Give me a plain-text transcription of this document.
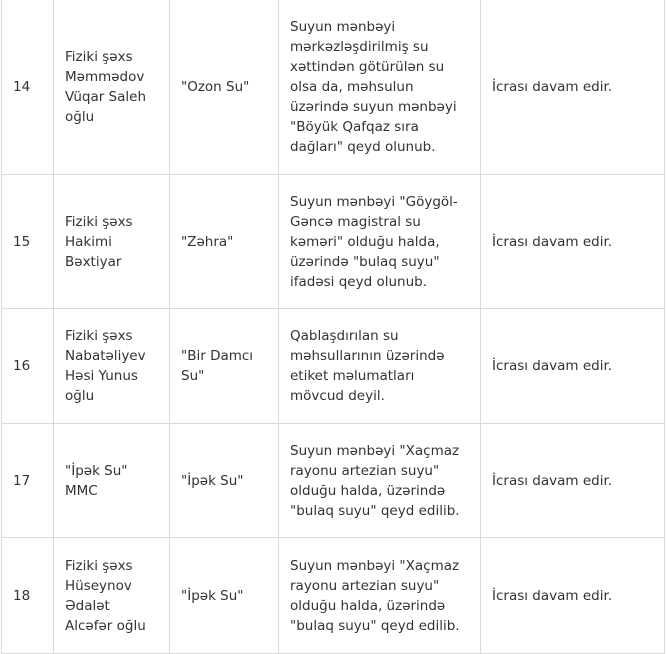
14	Fiziki şəxs Məmmədov Vüqar Saleh oğlu	"Ozon Su"	Suyun mənbəyi mərkəzləşdirilmiş su xəttindən götürülən su olsa da, məhsulun üzərində suyun mənbəyi "Böyük Qafqaz sıra dağları" qeyd olunub.	İcrası davam edir.
15	Fiziki şəxs Hakimi Bəxtiyar	"Zəhra"	Suyun mənbəyi "Göygöl-Gəncə magistral su kəməri" olduğu halda, üzərində "bulaq suyu" ifadəsi qeyd olunub.	İcrası davam edir.
16	Fiziki şəxs Nabatəliyev Həsi Yunus oğlu	"Bir Damcı Su"	Qablaşdırılan su məhsullarının üzərində etiket məlumatları mövcud deyil.	İcrası davam edir.
17	"İpək Su" MMC	"İpək Su"	Suyun mənbəyi "Xaçmaz rayonu artezian suyu" olduğu halda, üzərində "bulaq suyu" qeyd edilib.	İcrası davam edir.
18	Fiziki şəxs Hüseynov Ədalət Alcəfər oğlu	"İpək Su"	Suyun mənbəyi "Xaçmaz rayonu artezian suyu" olduğu halda, üzərində "bulaq suyu" qeyd edilib.	İcrası davam edir.
